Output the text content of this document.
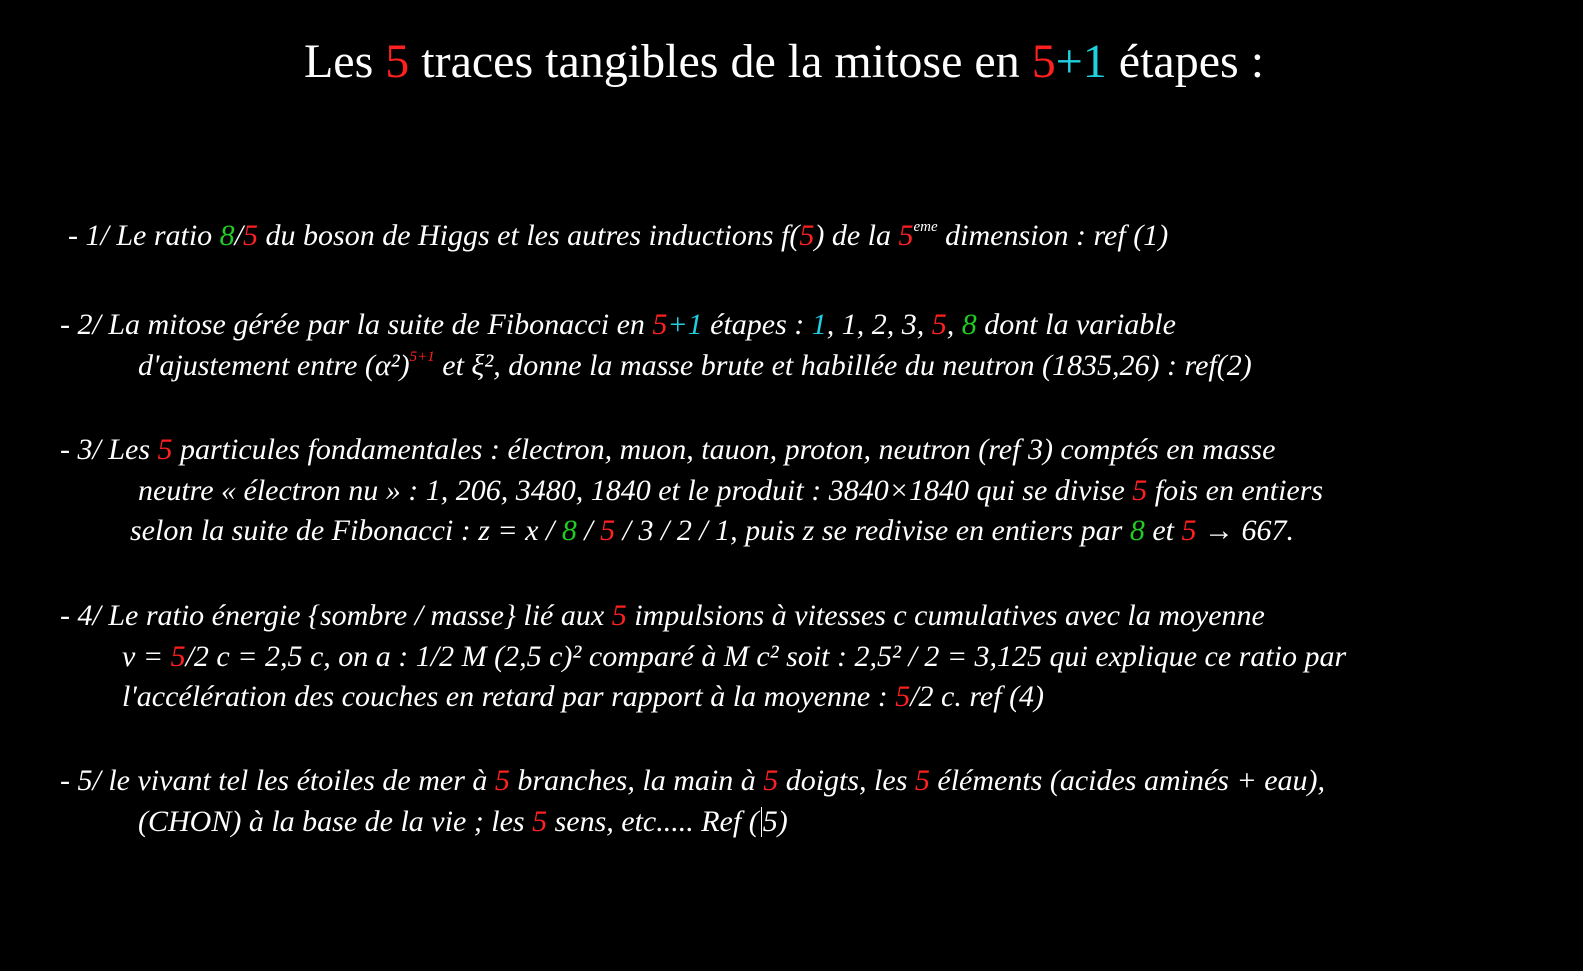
Les 5 traces tangibles de la mitose en 5+1 étapes :
- 1/ Le ratio 8/5 du boson de Higgs et les autres inductions f(5) de la 5eme dimension : ref (1)
- 2/ La mitose gérée par la suite de Fibonacci en 5+1 étapes : 1, 1, 2, 3, 5, 8 dont la variable
d'ajustement entre $(\alpha^2)^{5+1}$ et ξ², donne la masse brute et habillée du neutron (1835,26) : ref(2)
- 3/ Les 5 particules fondamentales : électron, muon, tauon, proton, neutron (ref 3) comptés en masse
neutre « électron nu » : 1, 206, 3480, 1840 et le produit : 3840×1840 qui se divise 5 fois en entiers
selon la suite de Fibonacci : z = x / 8 / 5 / 3 / 2 / 1, puis z se redivise en entiers par 8 et 5 → 667.
- 4/ Le ratio énergie {sombre / masse} lié aux 5 impulsions à vitesses c cumulatives avec la moyenne
v = 5/2 c = 2,5 c, on a : 1/2 M (2,5 c)² comparé à M c² soit : 2,5² / 2 = 3,125 qui explique ce ratio par
l'accélération des couches en retard par rapport à la moyenne : 5/2 c. ref (4)
- 5/ le vivant tel les étoiles de mer à 5 branches, la main à 5 doigts, les 5 éléments (acides aminés + eau),
(CHON) à la base de la vie ; les 5 sens, etc..... Ref ( 5)
